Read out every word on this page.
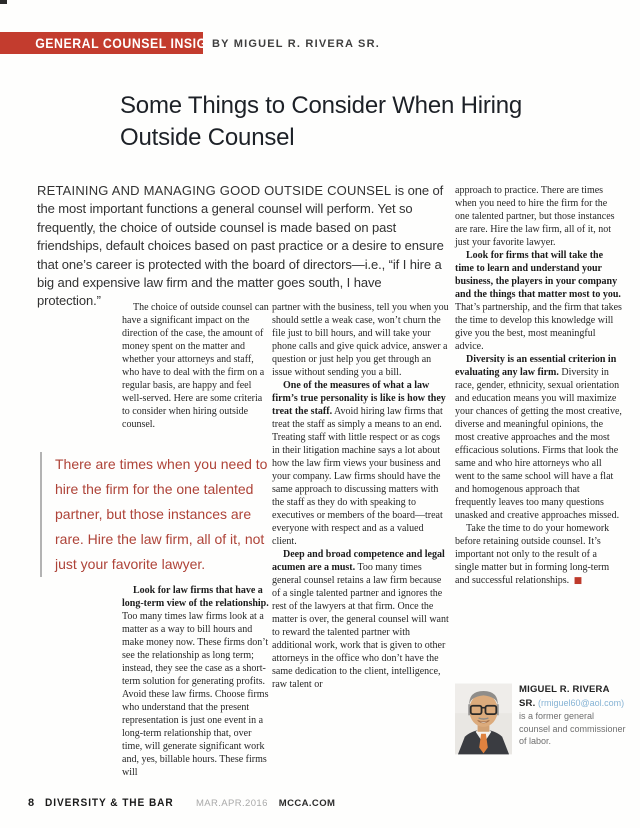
GENERAL COUNSEL INSIGHT
BY MIGUEL R. RIVERA SR.
Some Things to Consider When Hiring Outside Counsel

RETAINING AND MANAGING GOOD OUTSIDE COUNSEL is one of the most important functions a general counsel will perform. Yet so frequently, the choice of outside counsel is made based on past friendships, default choices based on past practice or a desire to ensure that one’s career is protected with the board of directors—i.e., “if I hire a big and expensive law firm and the matter goes south, I have protection.”	The choice of outside counsel can have a significant impact on the direction of the case, the amount of money spent on the matter and whether your attorneys and staff, who have to deal with the firm on a regular basis, are happy and feel well-served. Here are some criteria to consider when hiring outside counsel.

There are times when you need to hire the firm for the one talented partner, but those instances are rare. Hire the law firm, all of it, not just your favorite lawyer.

Look for law firms that have a long-term view of the relationship. Too many times law firms look at a matter as a way to bill hours and make money now. These firms don’t see the relationship as long term; instead, they see the case as a short-term solution for generating profits. Avoid these law firms. Choose firms who understand that the present representation is just one event in a long-term relationship that, over time, will generate significant work and, yes, billable hours. These firms will

partner with the business, tell you when you should settle a weak case, won’t churn the file just to bill hours, and will take your phone calls and give quick advice, answer a question or just help you get through an issue without sending you a bill.

One of the measures of what a law firm’s true personality is like is how they treat the staff. Avoid hiring law firms that treat the staff as simply a means to an end. Treating staff with little respect or as cogs in their litigation machine says a lot about how the law firm views your business and your company. Law firms should have the same approach to discussing matters with the staff as they do with speaking to executives or members of the board—treat everyone with respect and as a valued client.

Deep and broad competence and legal acumen are a must. Too many times general counsel retains a law firm because of a single talented partner and ignores the rest of the lawyers at that firm. Once the matter is over, the general counsel will want to reward the talented partner with additional work, work that is given to other attorneys in the office who don’t have the same dedication to the client, intelligence, raw talent or

approach to practice. There are times when you need to hire the firm for the one talented partner, but those instances are rare. Hire the law firm, all of it, not just your favorite lawyer.

Look for firms that will take the time to learn and understand your business, the players in your company and the things that matter most to you. That’s partnership, and the firm that takes the time to develop this knowledge will give you the best, most meaningful advice.

Diversity is an essential criterion in evaluating any law firm. Diversity in race, gender, ethnicity, sexual orientation and education means you will maximize your chances of getting the most creative, diverse and meaningful opinions, the most creative approaches and the most efficacious solutions. Firms that look the same and who hire attorneys who all went to the same school will have a flat and homogenous approach that frequently leaves too many questions unasked and creative approaches missed.

Take the time to do your homework before retaining outside counsel. It’s important not only to the result of a single matter but in forming long-term and successful relationships. ■

MIGUEL R. RIVERA SR. (rmiguel60@aol.com) is a former general counsel and commissioner of labor.

8 DIVERSITY & THE BAR MAR.APR.2016 MCCA.COM
